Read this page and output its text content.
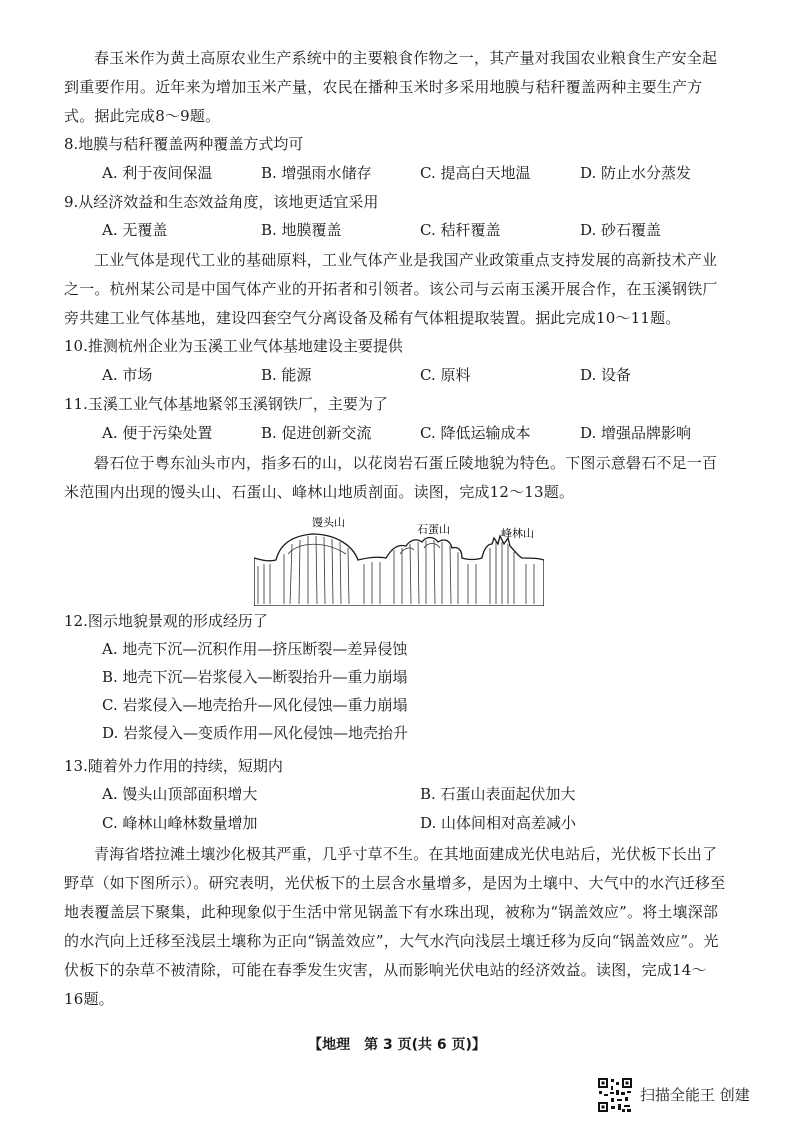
春玉米作为黄土高原农业生产系统中的主要粮食作物之一，其产量对我国农业粮食生产安全起到重要作用。近年来为增加玉米产量，农民在播种玉米时多采用地膜与秸秆覆盖两种主要生产方式。据此完成8～9题。
8.地膜与秸秆覆盖两种覆盖方式均可
A. 利于夜间保温	B. 增强雨水储存	C. 提高白天地温	D. 防止水分蒸发
9.从经济效益和生态效益角度，该地更适宜采用
A. 无覆盖	B. 地膜覆盖	C. 秸秆覆盖	D. 砂石覆盖
工业气体是现代工业的基础原料，工业气体产业是我国产业政策重点支持发展的高新技术产业之一。杭州某公司是中国气体产业的开拓者和引领者。该公司与云南玉溪开展合作，在玉溪钢铁厂旁共建工业气体基地，建设四套空气分离设备及稀有气体粗提取装置。据此完成10～11题。
10.推测杭州企业为玉溪工业气体基地建设主要提供
A. 市场	B. 能源	C. 原料	D. 设备
11.玉溪工业气体基地紧邻玉溪钢铁厂，主要为了
A. 便于污染处置	B. 促进创新交流	C. 降低运输成本	D. 增强品牌影响
礐石位于粤东汕头市内，指多石的山，以花岗岩石蛋丘陵地貌为特色。下图示意礐石不足一百米范围内出现的馒头山、石蛋山、峰林山地质剖面。读图，完成12～13题。
馒头山
石蛋山	峰林山
12.图示地貌景观的形成经历了
A. 地壳下沉—沉积作用—挤压断裂—差异侵蚀
B. 地壳下沉—岩浆侵入—断裂抬升—重力崩塌
C. 岩浆侵入—地壳抬升—风化侵蚀—重力崩塌
D. 岩浆侵入—变质作用—风化侵蚀—地壳抬升
13.随着外力作用的持续，短期内
A. 馒头山顶部面积增大	B. 石蛋山表面起伏加大
C. 峰林山峰林数量增加	D. 山体间相对高差减小
青海省塔拉滩土壤沙化极其严重，几乎寸草不生。在其地面建成光伏电站后，光伏板下长出了野草（如下图所示）。研究表明，光伏板下的土层含水量增多，是因为土壤中、大气中的水汽迁移至地表覆盖层下聚集，此种现象似于生活中常见锅盖下有水珠出现，被称为“锅盖效应”。将土壤深部的水汽向上迁移至浅层土壤称为正向“锅盖效应”，大气水汽向浅层土壤迁移为反向“锅盖效应”。光伏板下的杂草不被清除，可能在春季发生灾害，从而影响光伏电站的经济效益。读图，完成14～16题。
【地理　第 3 页(共 6 页)】
扫描全能王 创建
